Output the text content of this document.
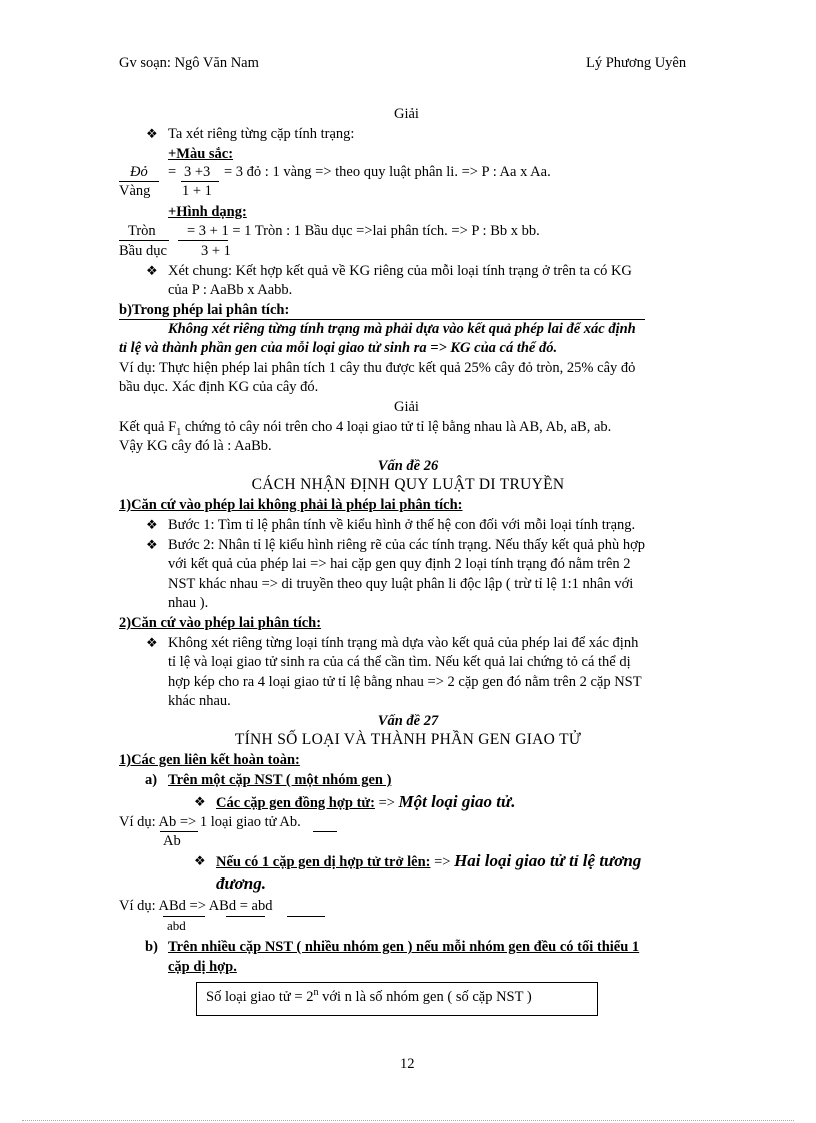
Gv soạn: Ngô Văn Nam	Lý Phương Uyên
Giải
❖ Ta xét riêng từng cặp tính trạng:
+Màu sắc:
Đỏ = 3 +3 = 3 đỏ : 1 vàng => theo quy luật phân li. => P : Aa x Aa.
Vàng 1 + 1
+Hình dạng:
Tròn = 3 + 1 = 1 Tròn : 1 Bầu dục =>lai phân tích. => P : Bb x bb.
Bầu dục 3 + 1
❖ Xét chung: Kết hợp kết quả về KG riêng của mỗi loại tính trạng ở trên ta có KG
của P : AaBb x Aabb.
b)Trong phép lai phân tích:
Không xét riêng từng tính trạng mà phải dựa vào kết quả phép lai để xác định
tỉ lệ và thành phần gen của mỗi loại giao tử sinh ra => KG của cá thể đó.
Ví dụ: Thực hiện phép lai phân tích 1 cây thu được kết quả 25% cây đỏ tròn, 25% cây đỏ
bầu dục. Xác định KG của cây đó.
Giải
Kết quả $F_1$ chứng tỏ cây nói trên cho 4 loại giao tử tỉ lệ bằng nhau là AB, Ab, aB, ab.
Vậy KG cây đó là : AaBb.
Vấn đề 26
CÁCH NHẬN ĐỊNH QUY LUẬT DI TRUYỀN
1)Căn cứ vào phép lai không phải là phép lai phân tích:
❖ Bước 1: Tìm tỉ lệ phân tính về kiểu hình ở thế hệ con đối với mỗi loại tính trạng.
❖ Bước 2: Nhân tỉ lệ kiểu hình riêng rẽ của các tính trạng. Nếu thấy kết quả phù hợp
với kết quả của phép lai => hai cặp gen quy định 2 loại tính trạng đó nằm trên 2
NST khác nhau => di truyền theo quy luật phân li độc lập ( trừ tỉ lệ 1:1 nhân với
nhau ).
2)Căn cứ vào phép lai phân tích:
❖ Không xét riêng từng loại tính trạng mà dựa vào kết quả của phép lai để xác định
tỉ lệ và loại giao tử sinh ra của cá thể cần tìm. Nếu kết quả lai chứng tỏ cá thể dị
hợp kép cho ra 4 loại giao tử tỉ lệ bằng nhau => 2 cặp gen đó nằm trên 2 cặp NST
khác nhau.
Vấn đề 27
TÍNH SỐ LOẠI VÀ THÀNH PHẦN GEN GIAO TỬ
1)Các gen liên kết hoàn toàn:
a) Trên một cặp NST ( một nhóm gen )
❖ Các cặp gen đồng hợp tử: => Một loại giao tử.
Ví dụ: Ab => 1 loại giao tử Ab.
Ab
❖ Nếu có 1 cặp gen dị hợp tử trở lên: => Hai loại giao tử tỉ lệ tương
đương.
Ví dụ: ABd => ABd = abd
abd
b) Trên nhiều cặp NST ( nhiều nhóm gen ) nếu mỗi nhóm gen đều có tối thiểu 1
cặp dị hợp.
Số loại giao tử = $2^n$ với n là số nhóm gen ( số cặp NST )
12
